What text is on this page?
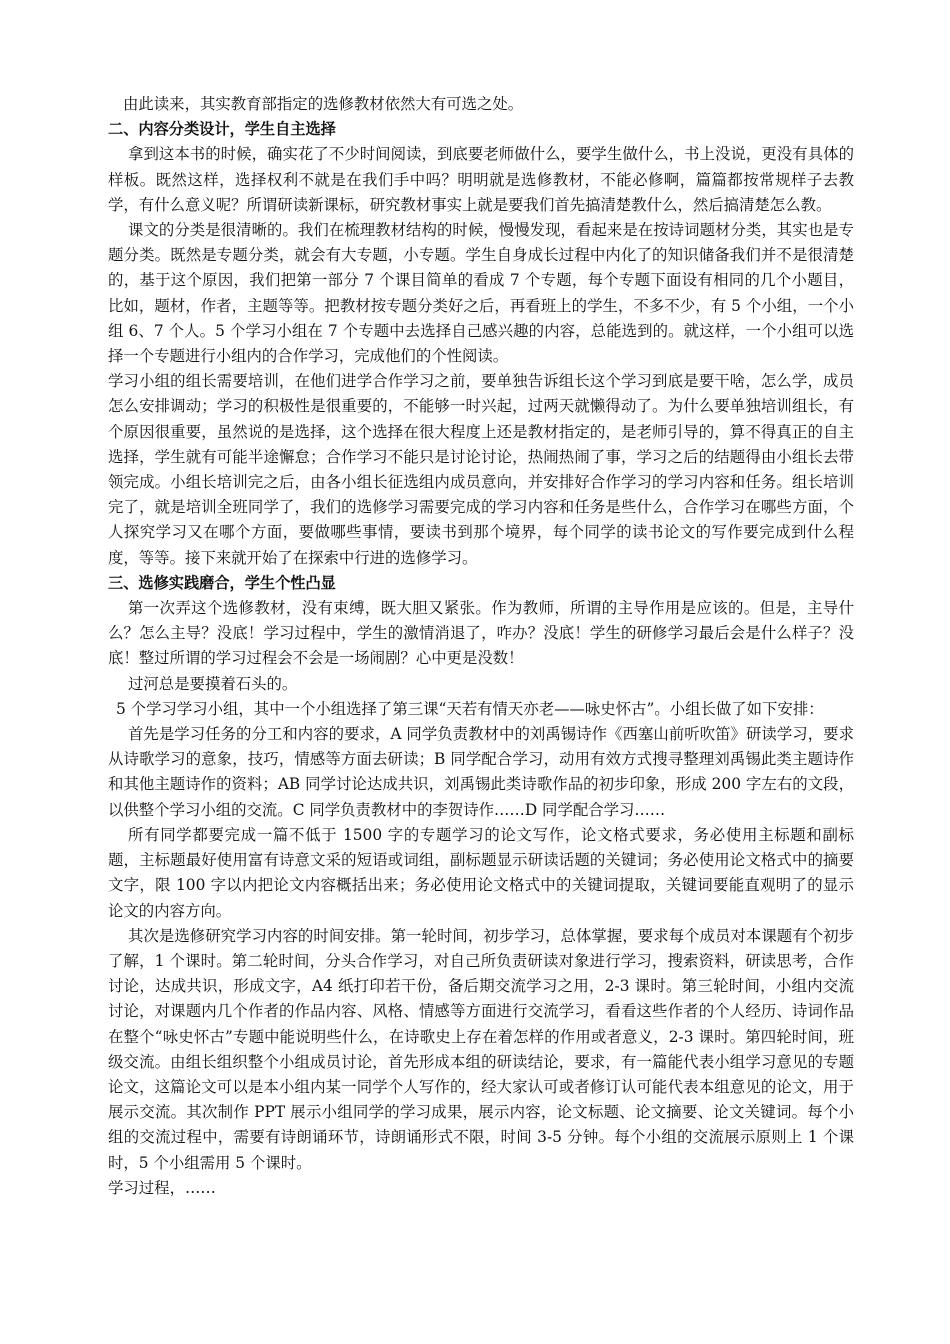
由此读来，其实教育部指定的选修教材依然大有可选之处。

二、内容分类设计，学生自主选择

拿到这本书的时候，确实花了不少时间阅读，到底要老师做什么，要学生做什么，书上没说，更没有具体的样板。既然这样，选择权利不就是在我们手中吗？明明就是选修教材，不能必修啊，篇篇都按常规样子去教学，有什么意义呢？所谓研读新课标，研究教材事实上就是要我们首先搞清楚教什么，然后搞清楚怎么教。

课文的分类是很清晰的。我们在梳理教材结构的时候，慢慢发现，看起来是在按诗词题材分类，其实也是专题分类。既然是专题分类，就会有大专题，小专题。学生自身成长过程中内化了的知识储备我们并不是很清楚的，基于这个原因，我们把第一部分 7 个课目简单的看成 7 个专题，每个专题下面设有相同的几个小题目，比如，题材，作者，主题等等。把教材按专题分类好之后，再看班上的学生，不多不少，有 5 个小组，一个小组 6、7 个人。5 个学习小组在 7 个专题中去选择自己感兴趣的内容，总能选到的。就这样，一个小组可以选择一个专题进行小组内的合作学习，完成他们的个性阅读。

学习小组的组长需要培训，在他们进学合作学习之前，要单独告诉组长这个学习到底是要干啥，怎么学，成员怎么安排调动；学习的积极性是很重要的，不能够一时兴起，过两天就懒得动了。为什么要单独培训组长，有个原因很重要，虽然说的是选择，这个选择在很大程度上还是教材指定的，是老师引导的，算不得真正的自主选择，学生就有可能半途懈怠；合作学习不能只是讨论讨论，热闹热闹了事，学习之后的结题得由小组长去带领完成。小组长培训完之后，由各小组长征选组内成员意向，并安排好合作学习的学习内容和任务。组长培训完了，就是培训全班同学了，我们的选修学习需要完成的学习内容和任务是些什么，合作学习在哪些方面，个人探究学习又在哪个方面，要做哪些事情，要读书到那个境界，每个同学的读书论文的写作要完成到什么程度，等等。接下来就开始了在探索中行进的选修学习。

三、选修实践磨合，学生个性凸显

第一次弄这个选修教材，没有束缚，既大胆又紧张。作为教师，所谓的主导作用是应该的。但是，主导什么？怎么主导？没底！学习过程中，学生的激情消退了，咋办？没底！学生的研修学习最后会是什么样子？没底！整过所谓的学习过程会不会是一场闹剧？心中更是没数！

过河总是要摸着石头的。

5 个学习学习小组，其中一个小组选择了第三课“天若有情天亦老——咏史怀古”。小组长做了如下安排：

首先是学习任务的分工和内容的要求，A 同学负责教材中的刘禹锡诗作《西塞山前听吹笛》研读学习，要求从诗歌学习的意象，技巧，情感等方面去研读；B 同学配合学习，动用有效方式搜寻整理刘禹锡此类主题诗作和其他主题诗作的资料；AB 同学讨论达成共识，刘禹锡此类诗歌作品的初步印象，形成 200 字左右的文段，以供整个学习小组的交流。C 同学负责教材中的李贺诗作……D 同学配合学习……

所有同学都要完成一篇不低于 1500 字的专题学习的论文写作，论文格式要求，务必使用主标题和副标题，主标题最好使用富有诗意文采的短语或词组，副标题显示研读话题的关键词；务必使用论文格式中的摘要文字，限 100 字以内把论文内容概括出来；务必使用论文格式中的关键词提取，关键词要能直观明了的显示论文的内容方向。

其次是选修研究学习内容的时间安排。第一轮时间，初步学习，总体掌握，要求每个成员对本课题有个初步了解，1 个课时。第二轮时间，分头合作学习，对自己所负责研读对象进行学习，搜索资料，研读思考，合作讨论，达成共识，形成文字，A4 纸打印若干份，备后期交流学习之用，2-3 课时。第三轮时间，小组内交流讨论，对课题内几个作者的作品内容、风格、情感等方面进行交流学习，看看这些作者的个人经历、诗词作品在整个“咏史怀古”专题中能说明些什么，在诗歌史上存在着怎样的作用或者意义，2-3 课时。第四轮时间，班级交流。由组长组织整个小组成员讨论，首先形成本组的研读结论，要求，有一篇能代表小组学习意见的专题论文，这篇论文可以是本小组内某一同学个人写作的，经大家认可或者修订认可能代表本组意见的论文，用于展示交流。其次制作 PPT 展示小组同学的学习成果，展示内容，论文标题、论文摘要、论文关键词。每个小组的交流过程中，需要有诗朗诵环节，诗朗诵形式不限，时间 3-5 分钟。每个小组的交流展示原则上 1 个课时，5 个小组需用 5 个课时。

学习过程，……
